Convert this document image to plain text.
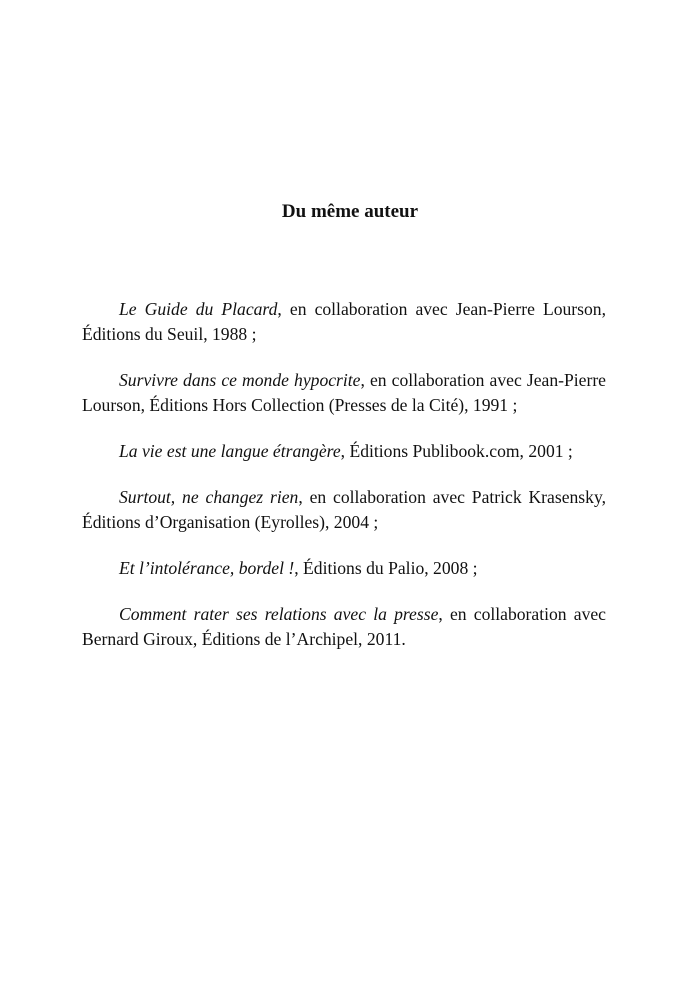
Du même auteur
Le Guide du Placard, en collaboration avec Jean-Pierre Lourson, Éditions du Seuil, 1988 ;
Survivre dans ce monde hypocrite, en collaboration avec Jean-Pierre Lourson, Éditions Hors Collection (Presses de la Cité), 1991 ;
La vie est une langue étrangère, Éditions Publibook.com, 2001 ;
Surtout, ne changez rien, en collaboration avec Patrick Krasensky, Éditions d’Organisation (Eyrolles), 2004 ;
Et l’intolérance, bordel !, Éditions du Palio, 2008 ;
Comment rater ses relations avec la presse, en collaboration avec Bernard Giroux, Éditions de l’Archipel, 2011.
